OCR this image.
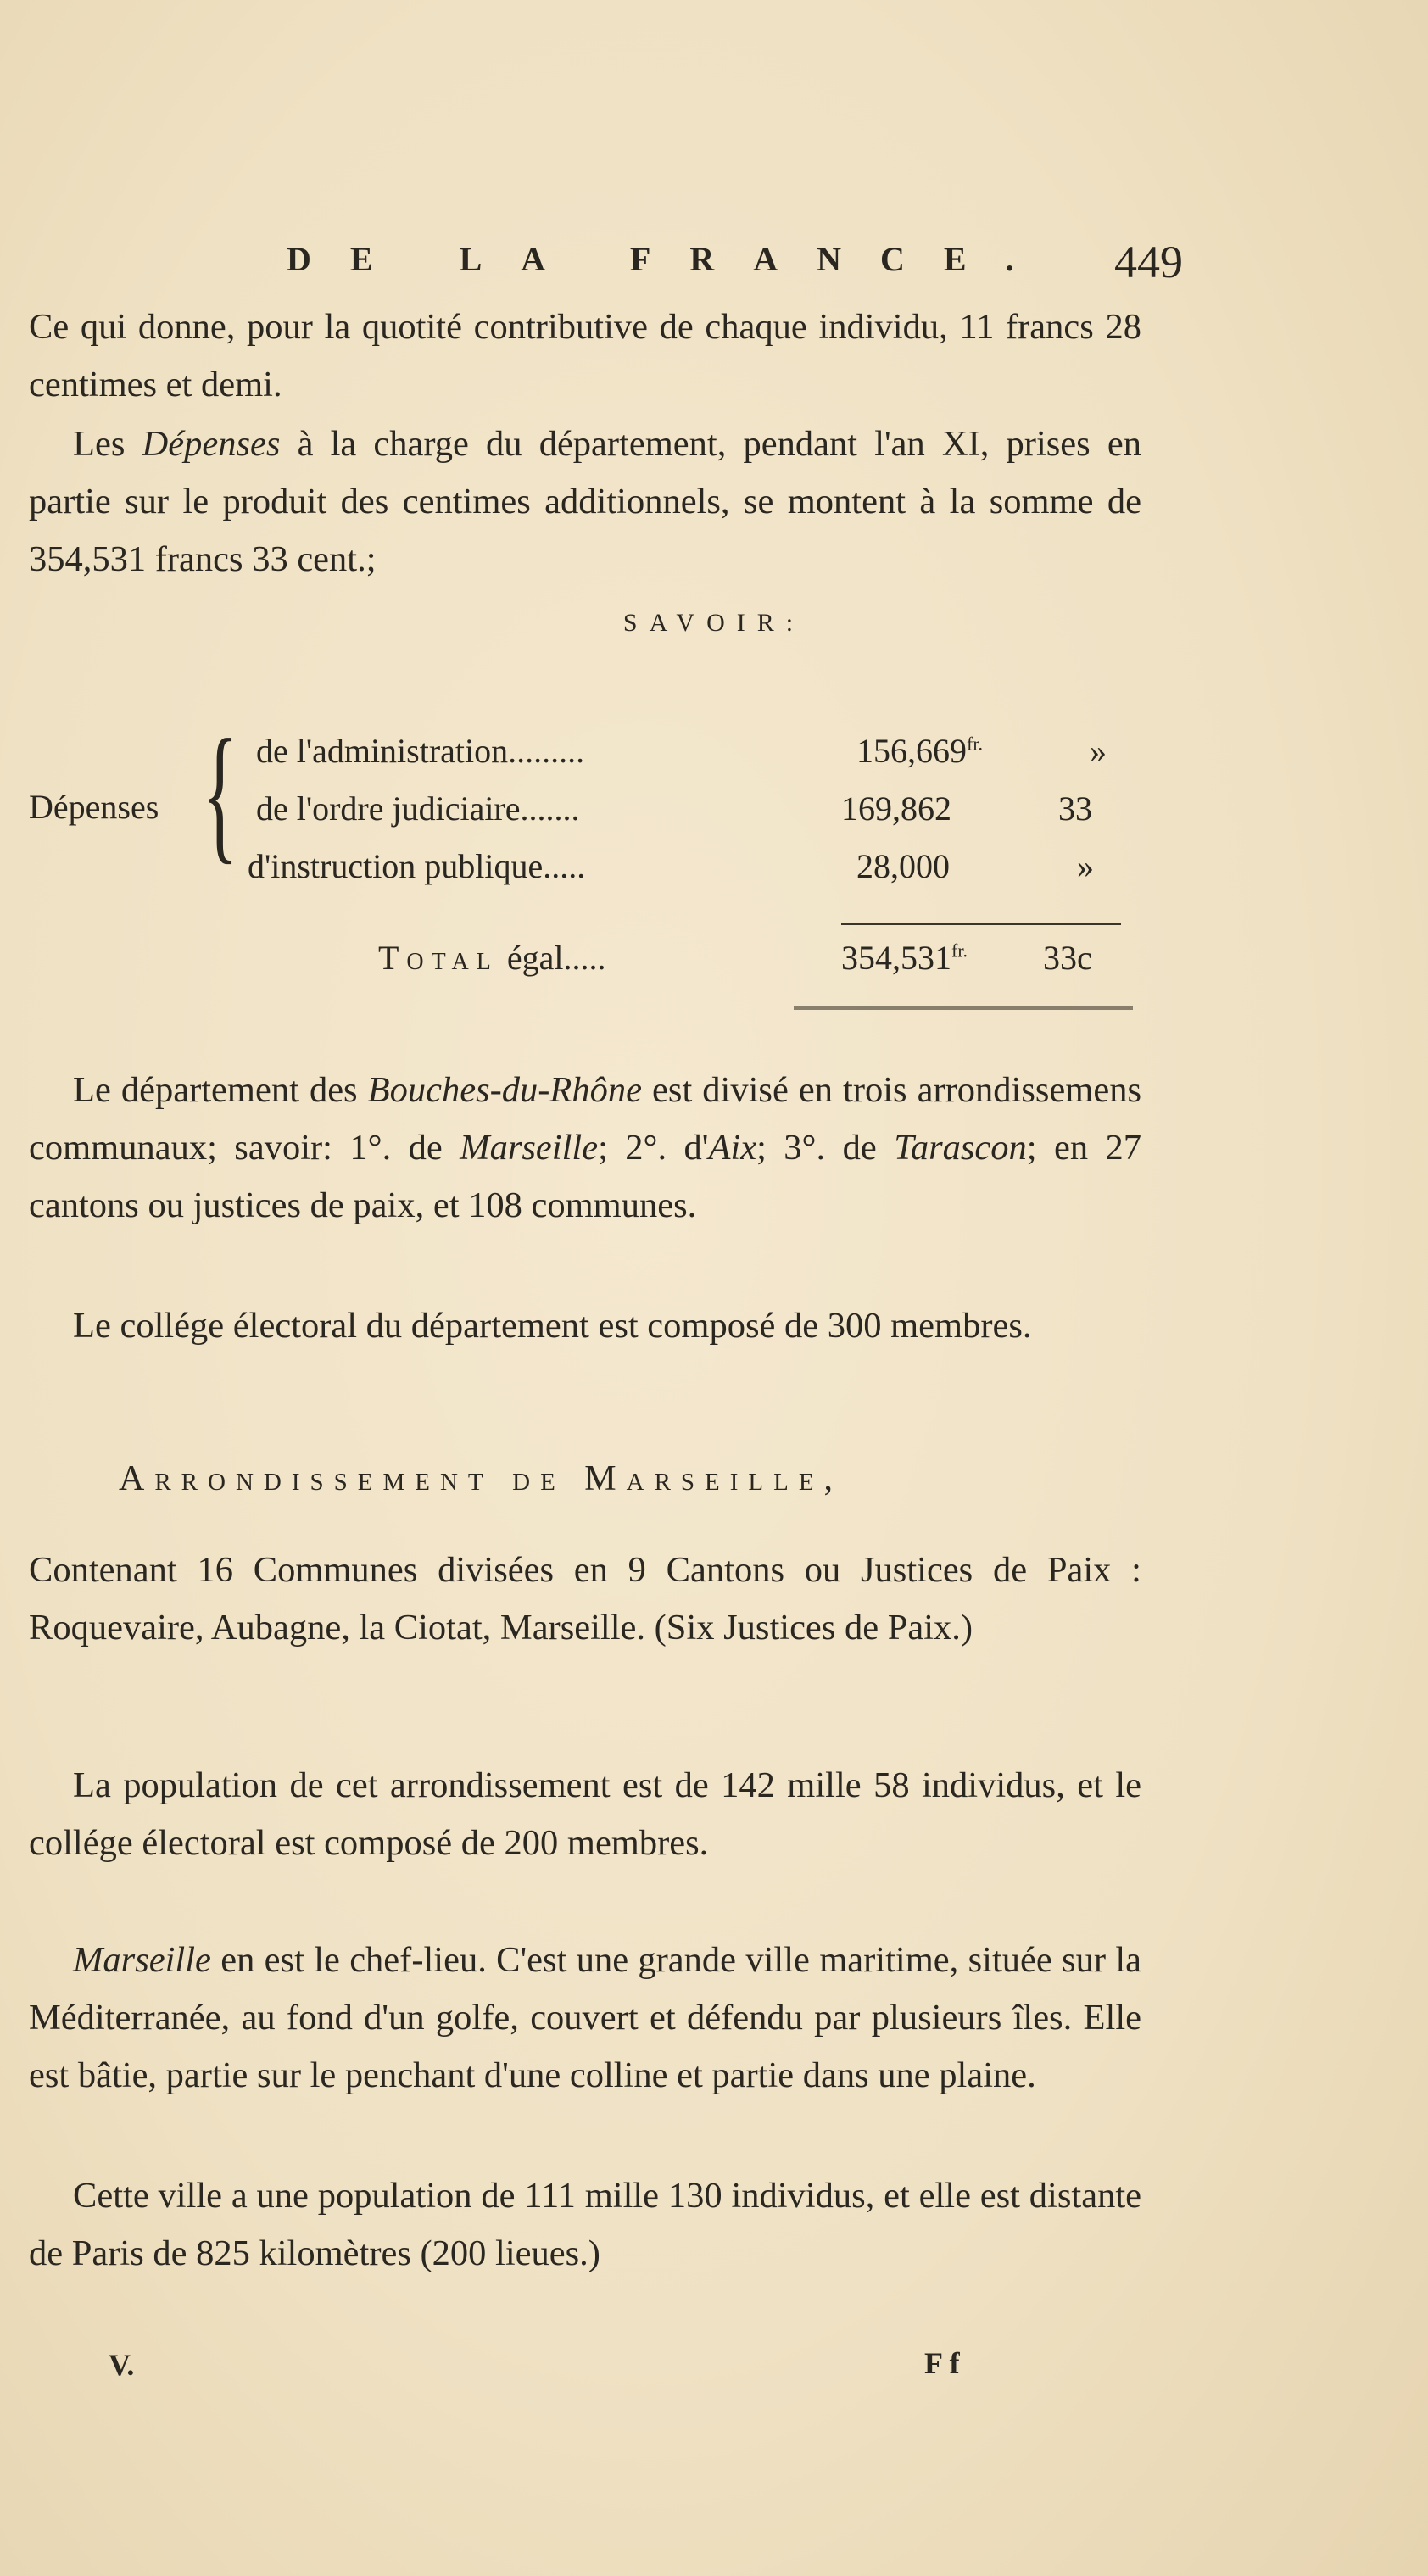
DE LA FRANCE. 449

Ce qui donne, pour la quotité contributive de chaque individu, 11 francs 28 centimes et demi.

Les Dépenses à la charge du département, pendant l'an XI, prises en partie sur le produit des centimes additionnels, se montent à la somme de 354,531 francs 33 cent.;

SAVOIR:
Dépenses { de l'administration.........	$156,669^{fr.}$	»
de l'ordre judiciaire.......	169,862	33
d'instruction publique.....	28,000	»
Total égal.....	$354,531^{fr.}$ 33c

Le département des Bouches-du-Rhône est divisé en trois arrondissemens communaux; savoir: 1°. de Marseille; 2°. d'Aix; 3°. de Tarascon; en 27 cantons ou justices de paix, et 108 communes.

Le collége électoral du département est composé de 300 membres.

Arrondissement de Marseille,

Contenant 16 Communes divisées en 9 Cantons ou Justices de Paix : Roquevaire, Aubagne, la Ciotat, Marseille. (Six Justices de Paix.)

La population de cet arrondissement est de 142 mille 58 individus, et le collége électoral est composé de 200 membres.

Marseille en est le chef-lieu. C'est une grande ville maritime, située sur la Méditerranée, au fond d'un golfe, couvert et défendu par plusieurs îles. Elle est bâtie, partie sur le penchant d'une colline et partie dans une plaine.

Cette ville a une population de 111 mille 130 individus, et elle est distante de Paris de 825 kilomètres (200 lieues.)

V.	F f
